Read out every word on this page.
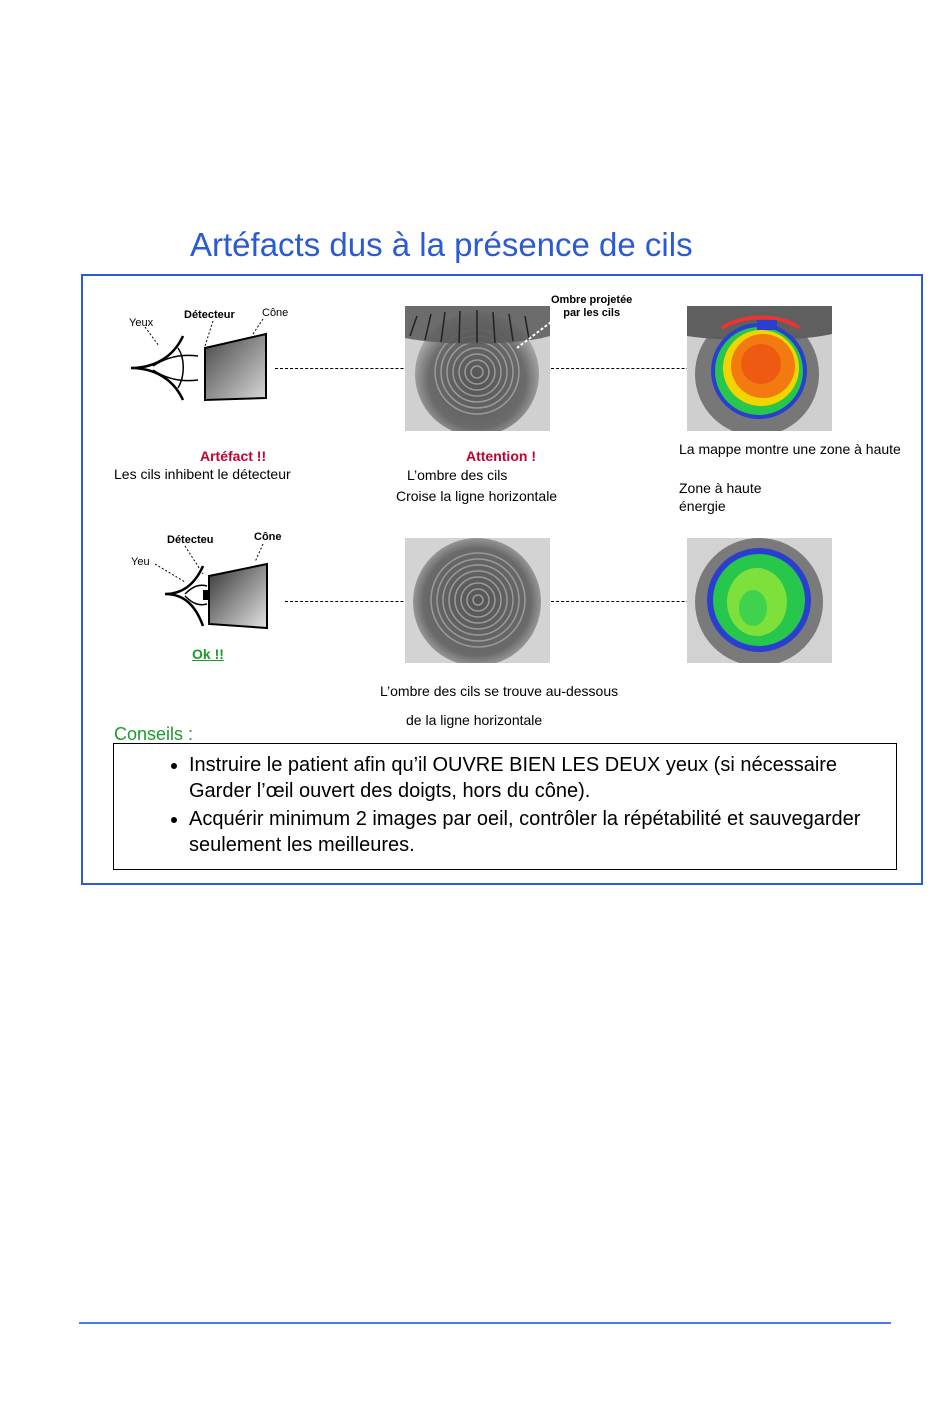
Artéfacts dus à la présence de cils
Yeux
Détecteur Cône
Ombre projetée
par les cils
Artéfact !!
Les cils inhibent le détecteur
Attention !
L’ombre des cils
Croise la ligne horizontale
La mappe montre une zone à haute
Zone à haute
énergie
Yeu
Détecteu	Cône
Ok !!
L’ombre des cils se trouve au-dessous
de la ligne horizontale
Conseils :
• Instruire le patient afin qu’il OUVRE BIEN LES DEUX yeux (si nécessaire Garder l’œil ouvert des doigts, hors du cône).
• Acquérir minimum 2 images par oeil, contrôler la répétabilité et sauvegarder seulement les meilleures.
